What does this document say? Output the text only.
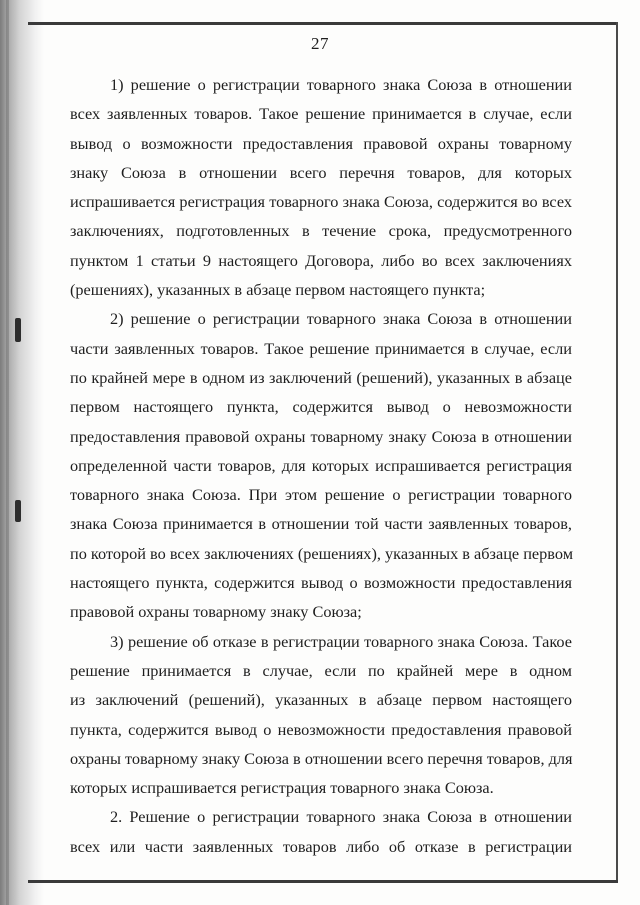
27
1) решение о регистрации товарного знака Союза в отношении
всех заявленных товаров. Такое решение принимается в случае, если
вывод о возможности предоставления правовой охраны товарному
знаку Союза в отношении всего перечня товаров, для которых
испрашивается регистрация товарного знака Союза, содержится во всех
заключениях, подготовленных в течение срока, предусмотренного
пунктом 1 статьи 9 настоящего Договора, либо во всех заключениях
(решениях), указанных в абзаце первом настоящего пункта;
2) решение о регистрации товарного знака Союза в отношении
части заявленных товаров. Такое решение принимается в случае, если
по крайней мере в одном из заключений (решений), указанных в абзаце
первом настоящего пункта, содержится вывод о невозможности
предоставления правовой охраны товарному знаку Союза в отношении
определенной части товаров, для которых испрашивается регистрация
товарного знака Союза. При этом решение о регистрации товарного
знака Союза принимается в отношении той части заявленных товаров,
по которой во всех заключениях (решениях), указанных в абзаце первом
настоящего пункта, содержится вывод о возможности предоставления
правовой охраны товарному знаку Союза;
3) решение об отказе в регистрации товарного знака Союза. Такое
решение принимается в случае, если по крайней мере в одном
из заключений (решений), указанных в абзаце первом настоящего
пункта, содержится вывод о невозможности предоставления правовой
охраны товарному знаку Союза в отношении всего перечня товаров, для
которых испрашивается регистрация товарного знака Союза.
2. Решение о регистрации товарного знака Союза в отношении
всех или части заявленных товаров либо об отказе в регистрации
